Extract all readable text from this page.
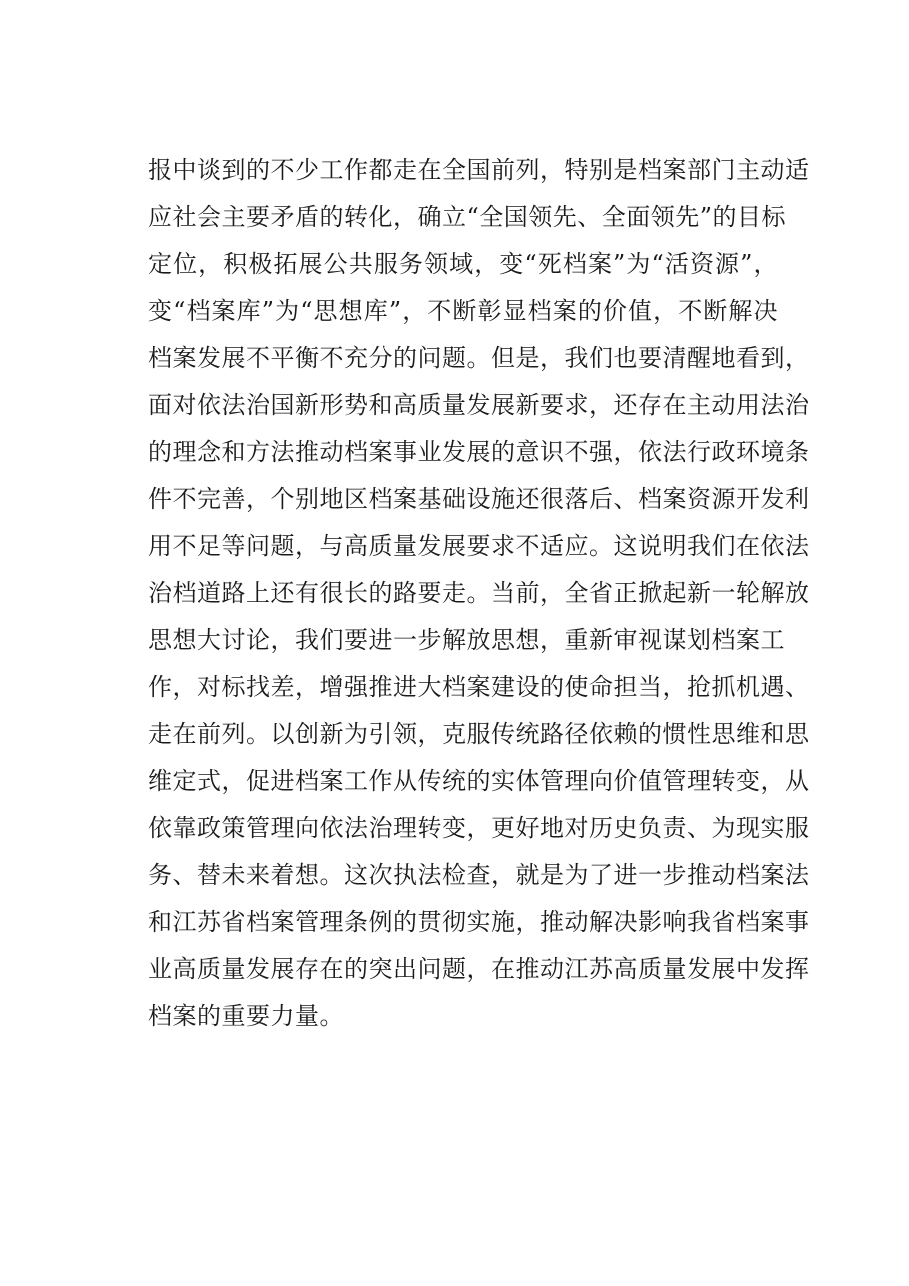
报中谈到的不少工作都走在全国前列，特别是档案部门主动适
应社会主要矛盾的转化，确立“全国领先、全面领先”的目标
定位，积极拓展公共服务领域，变“死档案”为“活资源”，
变“档案库”为“思想库”，不断彰显档案的价值，不断解决
档案发展不平衡不充分的问题。但是，我们也要清醒地看到，
面对依法治国新形势和高质量发展新要求，还存在主动用法治
的理念和方法推动档案事业发展的意识不强，依法行政环境条
件不完善，个别地区档案基础设施还很落后、档案资源开发利
用不足等问题，与高质量发展要求不适应。这说明我们在依法
治档道路上还有很长的路要走。当前，全省正掀起新一轮解放
思想大讨论，我们要进一步解放思想，重新审视谋划档案工
作，对标找差，增强推进大档案建设的使命担当，抢抓机遇、
走在前列。以创新为引领，克服传统路径依赖的惯性思维和思
维定式，促进档案工作从传统的实体管理向价值管理转变，从
依靠政策管理向依法治理转变，更好地对历史负责、为现实服
务、替未来着想。这次执法检查，就是为了进一步推动档案法
和江苏省档案管理条例的贯彻实施，推动解决影响我省档案事
业高质量发展存在的突出问题，在推动江苏高质量发展中发挥
档案的重要力量。
